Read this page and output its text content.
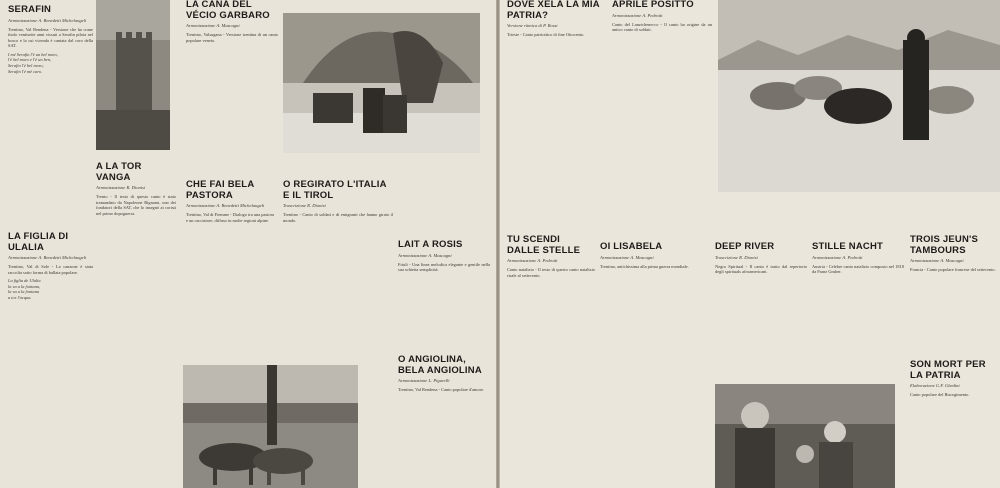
SERAFIN
Armonizzazione A. Benedetti Michelangeli
Trentino, Val Rendena - Versione che ha come titolo ventisette anni vissuti a Serafin pilota nel bosco e la cui vicenda è cantata dal coro della SAT.
I mé Serafin l'è un bel moro,
l'é bel moro e l'è un ben,
Serafin l'è bel moro,
Serafin l'è mè caro.
LA FIGLIA DI ULALIA
Armonizzazione A. Benedetti Michelangeli
Trentino, Val di Sole - La canzone è stata raccolta sotto forma di ballata popolare.
La figlia de Ulalia
la va a la fontana,
la va a la fontana
a tor l'acqua.
A LA TOR VANGA
Armonizzazione R. Dionisi
Trento - Il testo di questo canto è stato tramandato da Napoleone Bignami, uno dei fondatori della SAT, che lo insegnò ai coristi nel primo dopoguerra.
LA CANA DEL VÉCIO GARBARO
Armonizzazione A. Mascagni
Trentino, Valsugana - Versione trentina di un canto popolare veneto.
CHE FAI BELA PASTORA
Armonizzazione A. Benedetti Michelangeli
Trentino, Val di Fiemme - Dialogo tra una pastora e un cacciatore, diffuso in molte regioni alpine.
O REGIRATO L'ITALIA E IL TIROL
Trascrizione R. Dionisi
Trentino - Canto di soldati e di emigranti che hanno girato il mondo.
LAIT A ROSIS
Armonizzazione A. Mascagni
Friuli - Una linea melodica elegante e gentile nella sua schietta semplicità.
O ANGIOLINA, BELA ANGIOLINA
Armonizzazione L. Pigarelli
Trentino, Val Rendena - Canto popolare d'amore.
DOVE XELA LA MIA PATRIA?
Versione ritmica di P. Rossi
Trieste - Canto patriottico di fine Ottocento.
APRILE POSITTO
Armonizzazione A. Pedrotti
Canto del Lanzichenecco - Il canto ha origine da un antico canto di soldati.
TU SCENDI DALLE STELLE
Armonizzazione A. Pedrotti
Canto natalizio - Il testo di questo canto natalizio risale al settecento.
OI LISABELA
Armonizzazione A. Mascagni
Trentino, antichissima alla prima guerra mondiale.
DEEP RIVER
Trascrizione R. Dionisi
Negro Spiritual - Il canto è tratto dal repertorio degli spirituals afroamericani.
STILLE NACHT
Armonizzazione A. Pedrotti
Austria - Celebre canto natalizio composto nel 1818 da Franz Gruber.
TROIS JEUN'S TAMBOURS
Armonizzazione A. Mascagni
Francia - Canto popolare francese del settecento.
SON MORT PER LA PATRIA
Elaborazione G.F. Ghedini
Canto popolare del Risorgimento.
